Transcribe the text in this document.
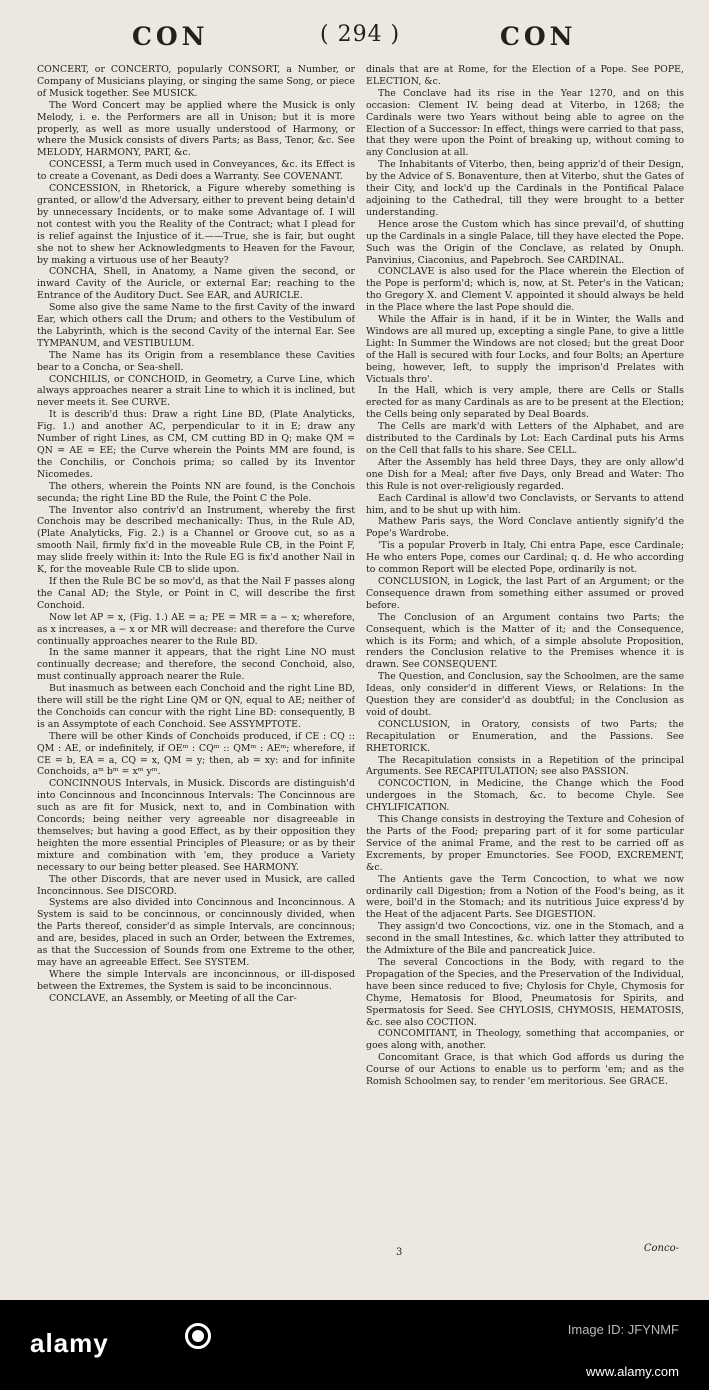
CON	( 294 )	CON

CONCERT, or CONCERTO, popularly CONSORT, a Number, or Company of Musicians playing, or singing the same Song, or piece of Musick together. See MUSICK.

The Word Concert may be applied where the Musick is only Melody, i. e. the Performers are all in Unison; but it is more properly, as well as more usually understood of Harmony, or where the Musick consists of divers Parts; as Bass, Tenor, &c. See MELODY, HARMONY, PART, &c.

CONCESSI, a Term much used in Conveyances, &c. its Effect is to create a Covenant, as Dedi does a Warranty. See COVENANT.

CONCESSION, in Rhetorick, a Figure whereby something is granted, or allow'd the Adversary, either to prevent being detain'd by unnecessary Incidents, or to make some Advantage of. I will not contest with you the Reality of the Contract; what I plead for is relief against the Injustice of it.——True, she is fair, but ought she not to shew her Acknowledgments to Heaven for the Favour, by making a virtuous use of her Beauty?

CONCHA, Shell, in Anatomy, a Name given the second, or inward Cavity of the Auricle, or external Ear; reaching to the Entrance of the Auditory Duct. See EAR, and AURICLE.

Some also give the same Name to the first Cavity of the inward Ear, which others call the Drum; and others to the Vestibulum of the Labyrinth, which is the second Cavity of the internal Ear. See TYMPANUM, and VESTIBULUM.

The Name has its Origin from a resemblance these Cavities bear to a Concha, or Sea-shell.

CONCHILIS, or CONCHOID, in Geometry, a Curve Line, which always approaches nearer a strait Line to which it is inclined, but never meets it. See CURVE.

It is describ'd thus: Draw a right Line BD, (Plate Analyticks, Fig. 1.) and another AC, perpendicular to it in E; draw any Number of right Lines, as CM, CM cutting BD in Q; make QM = QN = AE = EE; the Curve wherein the Points MM are found, is the Conchilis, or Conchois prima; so called by its Inventor Nicomedes.

The others, wherein the Points NN are found, is the Conchois secunda; the right Line BD the Rule, the Point C the Pole.

The Inventor also contriv'd an Instrument, whereby the first Conchois may be described mechanically: Thus, in the Rule AD, (Plate Analyticks, Fig. 2.) is a Channel or Groove cut, so as a smooth Nail, firmly fix'd in the moveable Rule CB, in the Point F, may slide freely within it: Into the Rule EG is fix'd another Nail in K, for the moveable Rule CB to slide upon.

If then the Rule BC be so mov'd, as that the Nail F passes along the Canal AD; the Style, or Point in C, will describe the first Conchoid.

Now let AP = x, (Fig. 1.) AE = a; PE = MR = a − x; wherefore, as x increases, a − x or MR will decrease: and therefore the Curve continually approaches nearer to the Rule BD.

In the same manner it appears, that the right Line NO must continually decrease; and therefore, the second Conchoid, also, must continually approach nearer the Rule.

But inasmuch as between each Conchoid and the right Line BD, there will still be the right Line QM or QN, equal to AE; neither of the Conchoids can concur with the right Line BD: consequently, B is an Assymptote of each Conchoid. See ASSYMPTOTE.

There will be other Kinds of Conchoids produced, if CE : CQ :: QM : AE, or indefinitely, if OEᵐ : CQᵐ :: QMᵐ : AEᵐ; wherefore, if CE = b, EA = a, CQ = x, QM = y; then, ab = xy: and for infinite Conchoids, aᵐ bᵐ = xᵐ yᵐ.

CONCINNOUS Intervals, in Musick. Discords are distinguish'd into Concinnous and Inconcinnous Intervals: The Concinnous are such as are fit for Musick, next to, and in Combination with Concords; being neither very agreeable nor disagreeable in themselves; but having a good Effect, as by their opposition they heighten the more essential Principles of Pleasure; or as by their mixture and combination with 'em, they produce a Variety necessary to our being better pleased. See HARMONY.

The other Discords, that are never used in Musick, are called Inconcinnous. See DISCORD.

Systems are also divided into Concinnous and Inconcinnous. A System is said to be concinnous, or concinnously divided, when the Parts thereof, consider'd as simple Intervals, are concinnous; and are, besides, placed in such an Order, between the Extremes, as that the Succession of Sounds from one Extreme to the other, may have an agreeable Effect. See SYSTEM.

Where the simple Intervals are inconcinnous, or ill-disposed between the Extremes, the System is said to be inconcinnous.

CONCLAVE, an Assembly, or Meeting of all the Car-

dinals that are at Rome, for the Election of a Pope. See POPE, ELECTION, &c.

The Conclave had its rise in the Year 1270, and on this occasion: Clement IV. being dead at Viterbo, in 1268; the Cardinals were two Years without being able to agree on the Election of a Successor: In effect, things were carried to that pass, that they were upon the Point of breaking up, without coming to any Conclusion at all.

The Inhabitants of Viterbo, then, being appriz'd of their Design, by the Advice of S. Bonaventure, then at Viterbo, shut the Gates of their City, and lock'd up the Cardinals in the Pontifical Palace adjoining to the Cathedral, till they were brought to a better understanding.

Hence arose the Custom which has since prevail'd, of shutting up the Cardinals in a single Palace, till they have elected the Pope. Such was the Origin of the Conclave, as related by Onuph. Panvinius, Ciaconius, and Papebroch. See CARDINAL.

CONCLAVE is also used for the Place wherein the Election of the Pope is perform'd; which is, now, at St. Peter's in the Vatican; tho Gregory X. and Clement V. appointed it should always be held in the Place where the last Pope should die.

While the Affair is in hand, if it be in Winter, the Walls and Windows are all mured up, excepting a single Pane, to give a little Light: In Summer the Windows are not closed; but the great Door of the Hall is secured with four Locks, and four Bolts; an Aperture being, however, left, to supply the imprison'd Prelates with Victuals thro'.

In the Hall, which is very ample, there are Cells or Stalls erected for as many Cardinals as are to be present at the Election; the Cells being only separated by Deal Boards.

The Cells are mark'd with Letters of the Alphabet, and are distributed to the Cardinals by Lot: Each Cardinal puts his Arms on the Cell that falls to his share. See CELL.

After the Assembly has held three Days, they are only allow'd one Dish for a Meal; after five Days, only Bread and Water: Tho this Rule is not over-religiously regarded.

Each Cardinal is allow'd two Conclavists, or Servants to attend him, and to be shut up with him.

Mathew Paris says, the Word Conclave antiently signify'd the Pope's Wardrobe.

'Tis a popular Proverb in Italy, Chi entra Pape, esce Cardinale; He who enters Pope, comes our Cardinal; q. d. He who according to common Report will be elected Pope, ordinarily is not.

CONCLUSION, in Logick, the last Part of an Argument; or the Consequence drawn from something either assumed or proved before.

The Conclusion of an Argument contains two Parts; the Consequent, which is the Matter of it; and the Consequence, which is its Form; and which, of a simple absolute Proposition, renders the Conclusion relative to the Premises whence it is drawn. See CONSEQUENT.

The Question, and Conclusion, say the Schoolmen, are the same Ideas, only consider'd in different Views, or Relations: In the Question they are consider'd as doubtful; in the Conclusion as void of doubt.

CONCLUSION, in Oratory, consists of two Parts; the Recapitulation or Enumeration, and the Passions. See RHETORICK.

The Recapitulation consists in a Repetition of the principal Arguments. See RECAPITULATION; see also PASSION.

CONCOCTION, in Medicine, the Change which the Food undergoes in the Stomach, &c. to become Chyle. See CHYLIFICATION.

This Change consists in destroying the Texture and Cohesion of the Parts of the Food; preparing part of it for some particular Service of the animal Frame, and the rest to be carried off as Excrements, by proper Emunctories. See FOOD, EXCREMENT, &c.

The Antients gave the Term Concoction, to what we now ordinarily call Digestion; from a Notion of the Food's being, as it were, boil'd in the Stomach; and its nutritious Juice express'd by the Heat of the adjacent Parts. See DIGESTION.

They assign'd two Concoctions, viz. one in the Stomach, and a second in the small Intestines, &c. which latter they attributed to the Admixture of the Bile and pancreatick Juice.

The several Concoctions in the Body, with regard to the Propagation of the Species, and the Preservation of the Individual, have been since reduced to five; Chylosis for Chyle, Chymosis for Chyme, Hematosis for Blood, Pneumatosis for Spirits, and Spermatosis for Seed. See CHYLOSIS, CHYMOSIS, HEMATOSIS, &c. see also COCTION.

CONCOMITANT, in Theology, something that accompanies, or goes along with, another.

Concomitant Grace, is that which God affords us during the Course of our Actions to enable us to perform 'em; and as the Romish Schoolmen say, to render 'em meritorious. See GRACE.

3	Conco-
alamy	Image ID: JFYNMF
www.alamy.com
